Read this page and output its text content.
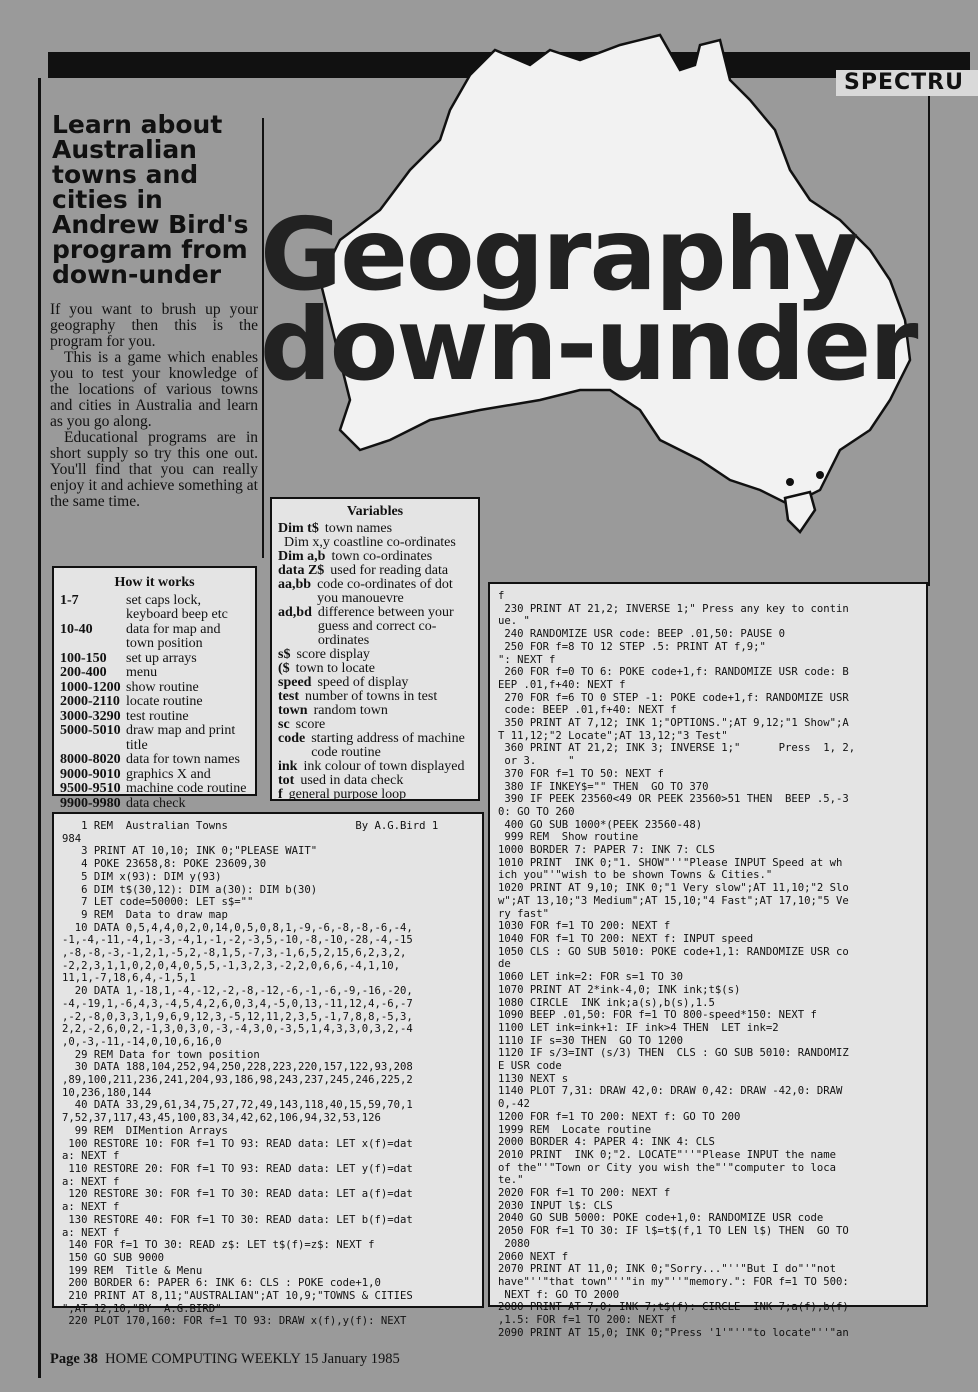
SPECTRU
Learn about Australian towns and cities in Andrew Bird's program from down-under Geography
down-under

If you want to brush up your geography then this is the program for you.

This is a game which enables you to test your knowledge of the locations of various towns and cities in Australia and learn as you go along.

Educational programs are in short supply so try this one out. You'll find that you can really enjoy it and achieve something at the same time.

How it works
1-7	set caps lock, keyboard beep etc
10-40	data for map and town position
100-150	set up arrays
200-400	menu
1000-1200 show routine
2000-2110 locate routine
3000-3290 test routine
5000-5010 draw map and print title
8000-8020 data for town names
9000-9010 graphics X and
9500-9510 machine code routine
9900-9980 data check
Variables
Dim t$ town names
Dim x,y coastline co-ordinates
Dim a,b town co-ordinates
data Z$ used for reading data
aa,bb code co-ordinates of dot you manouevre
ad,bd difference between your guess and correct co-ordinates
s$ score display
($ town to locate
speed speed of display
test number of towns in test
town random town
sc score
code starting address of machine code routine
ink ink colour of town displayed
tot used in data check
f general purpose loop
1 REM  Australian Towns                    By A.G.Bird 1
984
3 PRINT AT 10,10; INK 0;"PLEASE WAIT"
4 POKE 23658,8: POKE 23609,30
5 DIM x(93): DIM y(93)
6 DIM t$(30,12): DIM a(30): DIM b(30)
7 LET code=50000: LET s$=""
9 REM  Data to draw map
10 DATA 0,5,4,4,0,2,0,14,0,5,0,8,1,-9,-6,-8,-8,-6,-4,
-1,-4,-11,-4,1,-3,-4,1,-1,-2,-3,5,-10,-8,-10,-28,-4,-15
,-8,-8,-3,-1,2,1,-5,2,-8,1,5,-7,3,-1,6,5,2,15,6,2,3,2,
-2,2,3,1,1,0,2,0,4,0,5,5,-1,3,2,3,-2,2,0,6,6,-4,1,10,
11,1,-7,18,6,4,-1,5,1
20 DATA 1,-18,1,-4,-12,-2,-8,-12,-6,-1,-6,-9,-16,-20,
-4,-19,1,-6,4,3,-4,5,4,2,6,0,3,4,-5,0,13,-11,12,4,-6,-7
,-2,-8,0,3,3,1,9,6,9,12,3,-5,12,11,2,3,5,-1,7,8,8,-5,3,
2,2,-2,6,0,2,-1,3,0,3,0,-3,-4,3,0,-3,5,1,4,3,3,0,3,2,-4
,0,-3,-11,-14,0,10,6,16,0
29 REM Data for town position
30 DATA 188,104,252,94,250,228,223,220,157,122,93,208
,89,100,211,236,241,204,93,186,98,243,237,245,246,225,2
10,236,180,144
40 DATA 33,29,61,34,75,27,72,49,143,118,40,15,59,70,1
7,52,37,117,43,45,100,83,34,42,62,106,94,32,53,126
99 REM  DIMention Arrays
100 RESTORE 10: FOR f=1 TO 93: READ data: LET x(f)=dat
a: NEXT f
110 RESTORE 20: FOR f=1 TO 93: READ data: LET y(f)=dat
a: NEXT f
120 RESTORE 30: FOR f=1 TO 30: READ data: LET a(f)=dat
a: NEXT f
130 RESTORE 40: FOR f=1 TO 30: READ data: LET b(f)=dat
a: NEXT f
140 FOR f=1 TO 30: READ z$: LET t$(f)=z$: NEXT f
150 GO SUB 9000
199 REM  Title & Menu
200 BORDER 6: PAPER 6: INK 6: CLS : POKE code+1,0
210 PRINT AT 8,11;"AUSTRALIAN";AT 10,9;"TOWNS & CITIES
";AT 12,10;"BY  A.G.BIRD"
220 PLOT 170,160: FOR f=1 TO 93: DRAW x(f),y(f): NEXT
f
230 PRINT AT 21,2; INVERSE 1;" Press any key to contin
ue. "
240 RANDOMIZE USR code: BEEP .01,50: PAUSE 0
250 FOR f=8 TO 12 STEP .5: PRINT AT f,9;"
": NEXT f
260 FOR f=0 TO 6: POKE code+1,f: RANDOMIZE USR code: B
EEP .01,f+40: NEXT f
270 FOR f=6 TO 0 STEP -1: POKE code+1,f: RANDOMIZE USR
code: BEEP .01,f+40: NEXT f
350 PRINT AT 7,12; INK 1;"OPTIONS.";AT 9,12;"1 Show";A
T 11,12;"2 Locate";AT 13,12;"3 Test"
360 PRINT AT 21,2; INK 3; INVERSE 1;"      Press  1, 2,
or 3.     "
370 FOR f=1 TO 50: NEXT f
380 IF INKEY$="" THEN  GO TO 370
390 IF PEEK 23560<49 OR PEEK 23560>51 THEN  BEEP .5,-3
0: GO TO 260
400 GO SUB 1000*(PEEK 23560-48)
999 REM  Show routine
1000 BORDER 7: PAPER 7: INK 7: CLS
1010 PRINT  INK 0;"1. SHOW"''"Please INPUT Speed at wh
ich you"'"wish to be shown Towns & Cities."
1020 PRINT AT 9,10; INK 0;"1 Very slow";AT 11,10;"2 Slo
w";AT 13,10;"3 Medium";AT 15,10;"4 Fast";AT 17,10;"5 Ve
ry fast"
1030 FOR f=1 TO 200: NEXT f
1040 FOR f=1 TO 200: NEXT f: INPUT speed
1050 CLS : GO SUB 5010: POKE code+1,1: RANDOMIZE USR co
de
1060 LET ink=2: FOR s=1 TO 30
1070 PRINT AT 2*ink-4,0; INK ink;t$(s)
1080 CIRCLE  INK ink;a(s),b(s),1.5
1090 BEEP .01,50: FOR f=1 TO 800-speed*150: NEXT f
1100 LET ink=ink+1: IF ink>4 THEN  LET ink=2
1110 IF s=30 THEN  GO TO 1200
1120 IF s/3=INT (s/3) THEN  CLS : GO SUB 5010: RANDOMIZ
E USR code
1130 NEXT s
1140 PLOT 7,31: DRAW 42,0: DRAW 0,42: DRAW -42,0: DRAW
0,-42
1200 FOR f=1 TO 200: NEXT f: GO TO 200
1999 REM  Locate routine
2000 BORDER 4: PAPER 4: INK 4: CLS
2010 PRINT  INK 0;"2. LOCATE"''"Please INPUT the name
of the"'"Town or City you wish the"'"computer to loca
te."
2020 FOR f=1 TO 200: NEXT f
2030 INPUT l$: CLS
2040 GO SUB 5000: POKE code+1,0: RANDOMIZE USR code
2050 FOR f=1 TO 30: IF l$=t$(f,1 TO LEN l$) THEN  GO TO
2080
2060 NEXT f
2070 PRINT AT 11,0; INK 0;"Sorry..."''"But I do"'"not
have"''"that town"''"in my"''"memory.": FOR f=1 TO 500:
NEXT f: GO TO 2000
2080 PRINT AT 7,0; INK 7;t$(f): CIRCLE  INK 7;a(f),b(f)
,1.5: FOR f=1 TO 200: NEXT f
2090 PRINT AT 15,0; INK 0;"Press '1'"''"to locate"''"an
Page 38 HOME COMPUTING WEEKLY 15 January 1985
